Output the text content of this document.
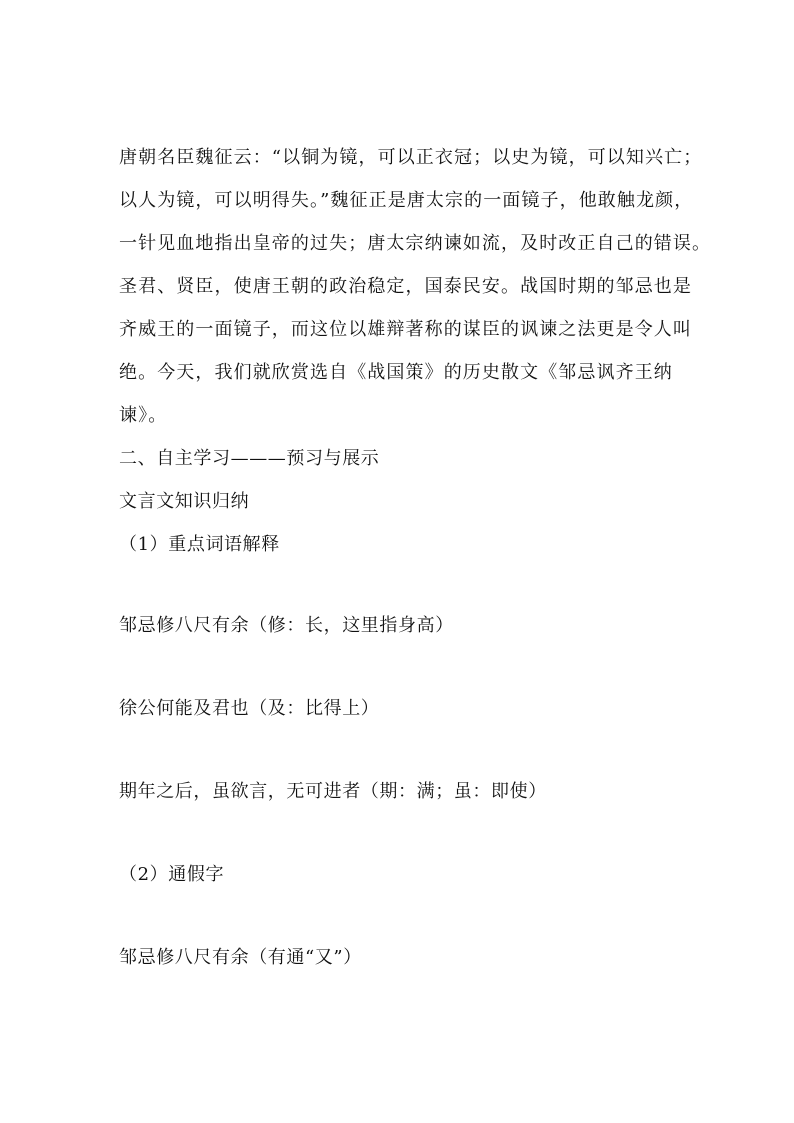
唐朝名臣魏征云：“以铜为镜，可以正衣冠；以史为镜，可以知兴亡；
以人为镜，可以明得失。”魏征正是唐太宗的一面镜子，他敢触龙颜，
一针见血地指出皇帝的过失；唐太宗纳谏如流，及时改正自己的错误。
圣君、贤臣，使唐王朝的政治稳定，国泰民安。战国时期的邹忌也是
齐威王的一面镜子，而这位以雄辩著称的谋臣的讽谏之法更是令人叫
绝。今天，我们就欣赏选自《战国策》的历史散文《邹忌讽齐王纳
谏》。
二、自主学习———预习与展示
文言文知识归纳
（1）重点词语解释
邹忌修八尺有余（修：长，这里指身高）
徐公何能及君也（及：比得上）
期年之后，虽欲言，无可进者（期：满；虽：即使）
（2）通假字
邹忌修八尺有余（有通“又”）
